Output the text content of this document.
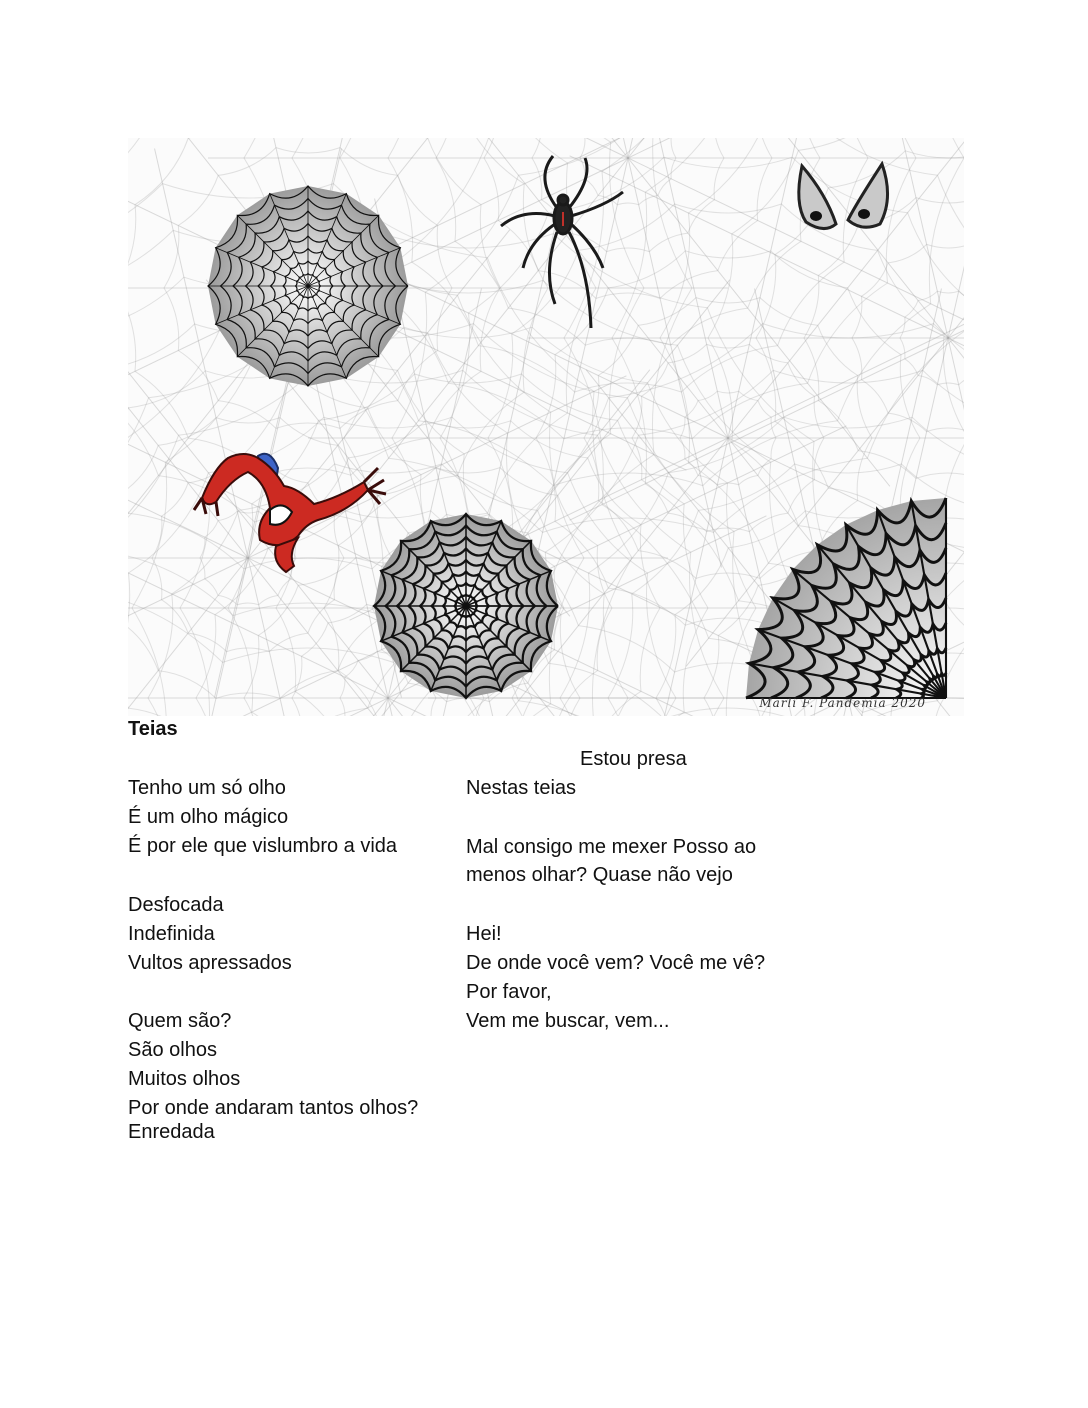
Marli F. Pandemia 2020
Teias
Tenho um só olho
É um olho mágico
É por ele que vislumbro a vida
Desfocada
Indefinida
Vultos apressados
Quem são?
São olhos
Muitos olhos
Por onde andaram tantos olhos?
Enredada
Estou presa
Nestas teias
Mal consigo me mexer Posso ao
menos olhar? Quase não vejo
Hei!
De onde você vem? Você me vê?
Por favor,
Vem me buscar, vem...
